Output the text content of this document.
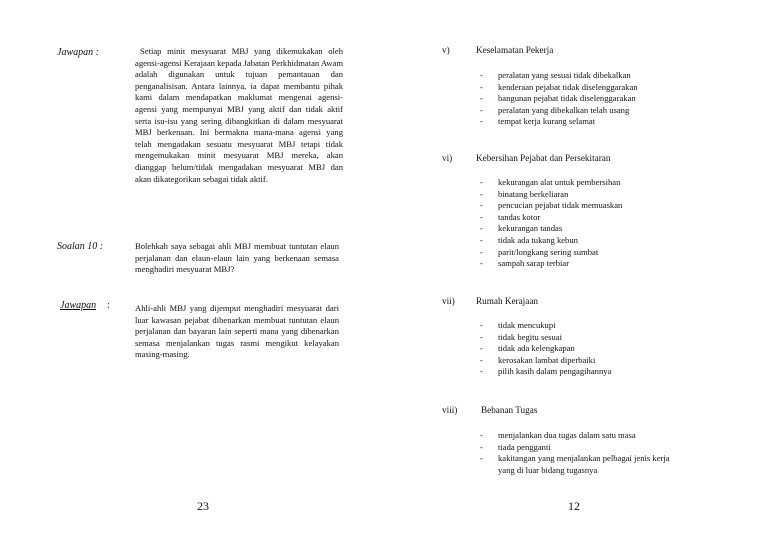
Jawapan :	Setiap minit mesyuarat MBJ yang dikemukakan oleh agensi-agensi Kerajaan kepada Jabatan Perkhidmatan Awam adalah digunakan untuk tujuan pemantauan dan penganalisisan. Antara lainnya, ia dapat membantu pihak kami dalam mendapatkan maklumat mengenai agensi-agensi yang mempunyai MBJ yang aktif dan tidak aktif serta isu-isu yang sering dibangkitkan di dalam mesyuarat MBJ berkenaan. Ini bermakna mana-mana agensi yang telah mengadakan sesuatu mesyuarat MBJ tetapi tidak mengemukakan minit mesyuarat MBJ mereka, akan dianggap belum/tidak mengadakan mesyuarat MBJ dan akan dikategorikan sebagai tidak aktif.
Soalan 10 :	Bolehkah saya sebagai ahli MBJ membuat tuntutan elaun perjalanan dan elaun-elaun lain yang berkenaan semasa menghadiri mesyuarat MBJ?
Jawapan :	Ahli-ahli MBJ yang dijemput menghadiri mesyuarat dari luar kawasan pejabat dibenarkan membuat tuntutan elaun perjalanan dan bayaran lain seperti mana yang dibenarkan semasa menjalankan tugas rasmi mengikut kelayakan masing-masing.
23
v)	Keselamatan Pekerja
- peralatan yang sesuai tidak dibekalkan
- kenderaan pejabat tidak diselenggarakan
- bangunan pejabat tidak diselenggarakan
- peralatan yang dibekalkan telah usang
- tempat kerja kurang selamat
vi)	Kebersihan Pejabat dan Persekitaran
- kekurangan alat untuk pembersihan
- binatang berkeliaran
- pencucian pejabat tidak memuaskan
- tandas kotor
- kekurangan tandas
- tidak ada tukang kebun
- parit/longkang sering sumbat
- sampah sarap terbiar
vii) Rumah Kerajaan
- tidak mencukupi
- tidak begitu sesuai
- tidak ada kelengkapan
- kerosakan lambat diperbaiki
- pilih kasih dalam pengagihannya
viii)	Bebanan Tugas
- menjalankan dua tugas dalam satu masa
- tiada pengganti
- kakitangan yang menjalankan pelbagai jenis kerja
yang di luar bidang tugasnya
12
